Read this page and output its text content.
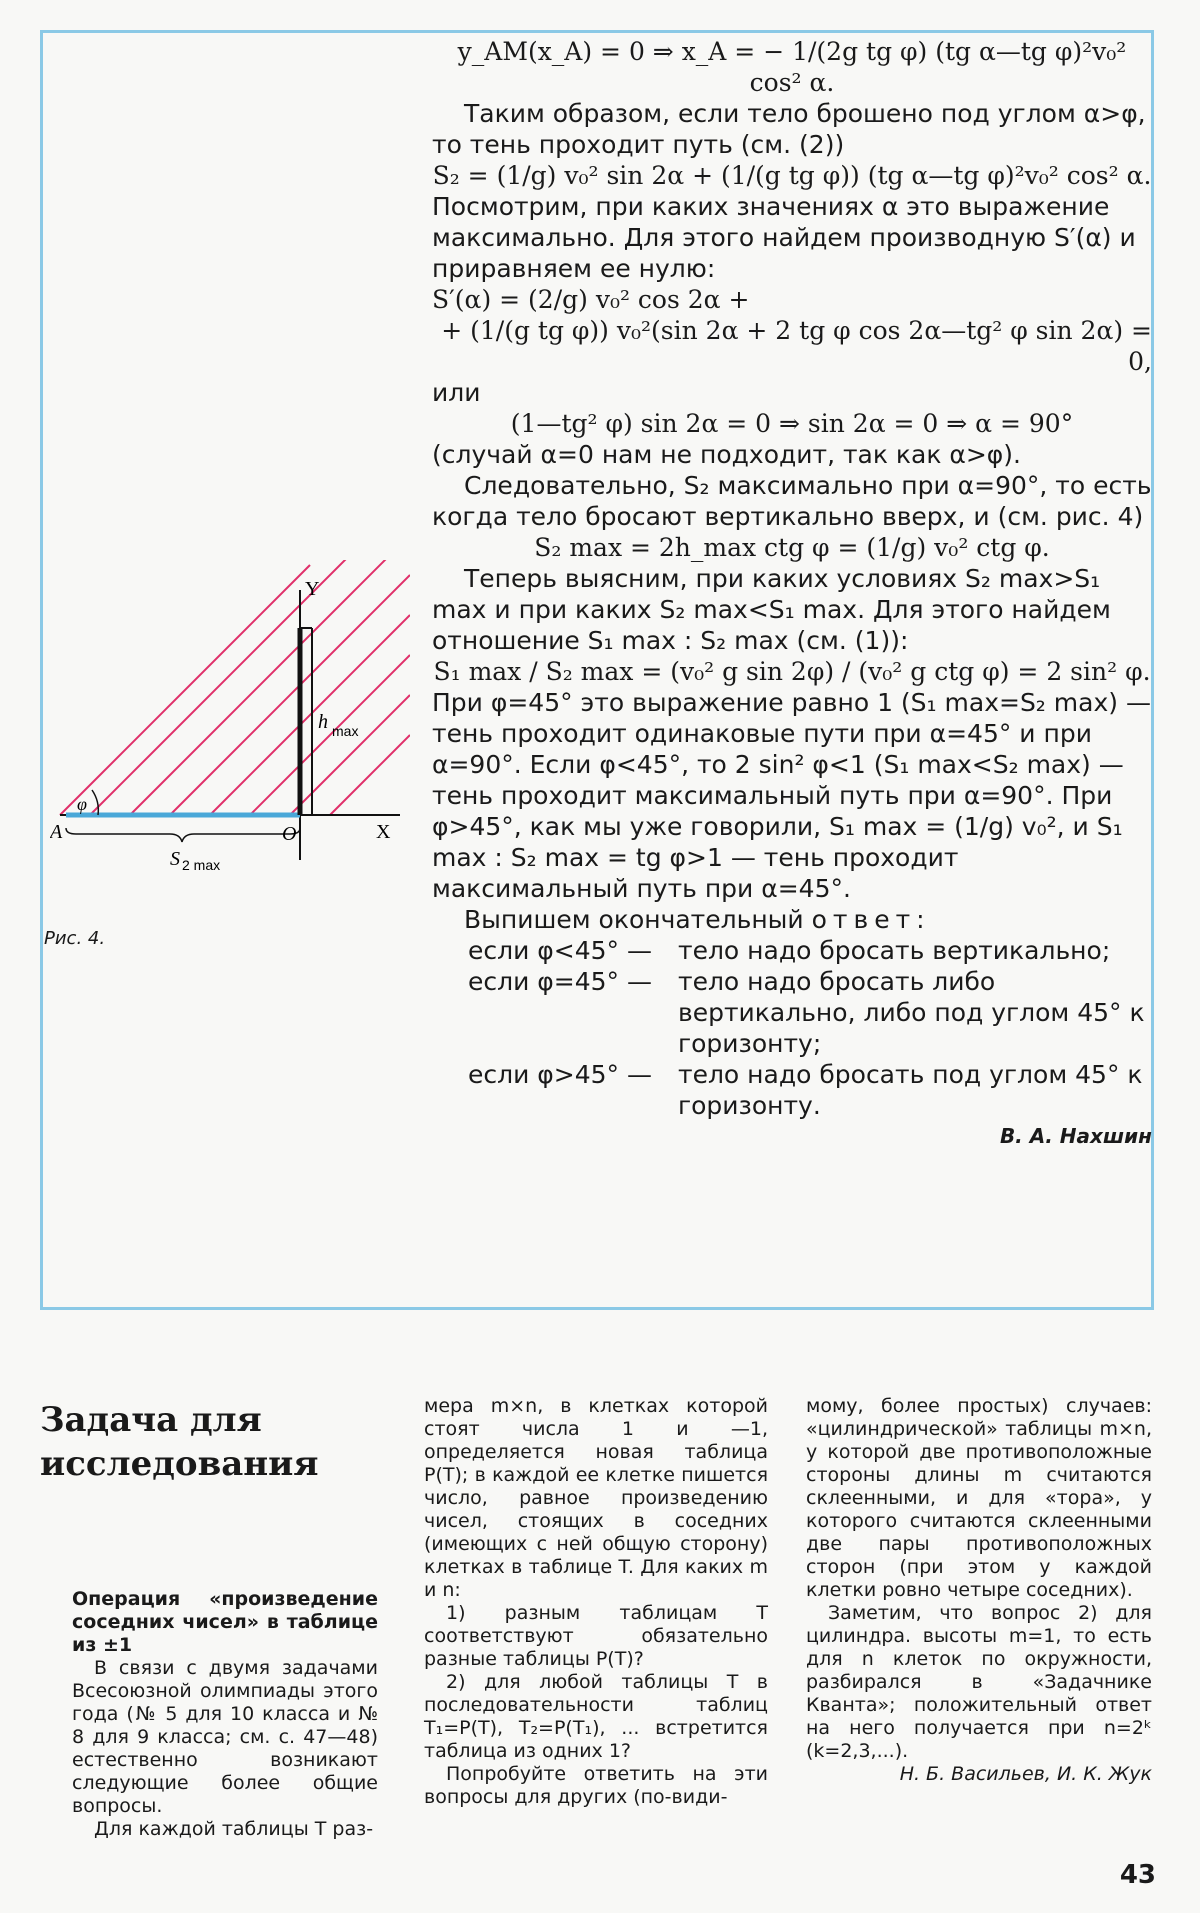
y_AM(x_A) = 0 ⇒ x_A = − 1/(2g tg φ) (tg α—tg φ)²v₀² cos² α.

Таким образом, если тело брошено под углом α>φ, то тень проходит путь (см. (2))

S₂ = (1/g) v₀² sin 2α + (1/(g tg φ)) (tg α—tg φ)²v₀² cos² α.

Посмотрим, при каких значениях α это выражение максимально. Для этого найдем производную S′(α) и приравняем ее нулю:

S′(α) = (2/g) v₀² cos 2α +

+ (1/(g tg φ)) v₀²(sin 2α + 2 tg φ cos 2α—tg² φ sin 2α) = 0,

или

(1—tg² φ) sin 2α = 0 ⇒ sin 2α = 0 ⇒ α = 90°

(случай α=0 нам не подходит, так как α>φ).

Следовательно, S₂ максимально при α=90°, то есть когда тело бросают вертикально вверх, и (см. рис. 4)

S₂ max = 2h_max ctg φ = (1/g) v₀² ctg φ.

Теперь выясним, при каких условиях S₂ max>S₁ max и при каких S₂ max<S₁ max. Для этого найдем отношение S₁ max : S₂ max (см. (1)):

S₁ max / S₂ max = (v₀² g sin 2φ) / (v₀² g ctg φ) = 2 sin² φ.

При φ=45° это выражение равно 1 (S₁ max=S₂ max) — тень проходит одинаковые пути при α=45° и при α=90°. Если φ<45°, то 2 sin² φ<1 (S₁ max<S₂ max) — тень проходит максимальный путь при α=90°. При φ>45°, как мы уже говорили, S₁ max = (1/g) v₀², и S₁ max : S₂ max = tg φ>1 — тень проходит максимальный путь при α=45°.

Выпишем окончательный ответ:

если φ<45° —	тело надо бросать вертикально;
если φ=45° —	тело надо бросать либо вертикально, либо под углом 45° к горизонту;
если φ>45° —	тело надо бросать под углом 45° к горизонту.

В. А. Нахшин

Y
X
A	O
φ
h max
S 2 max
Рис. 4.
Задача для исследования

Операция «произведение соседних чисел» в таблице из ±1

В связи с двумя задачами Всесоюзной олимпиады этого года (№ 5 для 10 класса и № 8 для 9 класса; см. с. 47—48) естественно возникают следующие более общие вопросы.

Для каждой таблицы T раз-

мера m×n, в клетках которой стоят числа 1 и —1, определяется новая таблица P(T); в каждой ее клетке пишется число, равное произведению чисел, стоящих в соседних (имеющих с ней общую сторону) клетках в таблице T. Для каких m и n:

1) разным таблицам T соответствуют обязательно разные таблицы P(T)?

2) для любой таблицы T в последовательности таблиц T₁=P(T), T₂=P(T₁), ... встретится таблица из одних 1?

Попробуйте ответить на эти вопросы для других (по-види-

мому, более простых) случаев: «цилиндрической» таблицы m×n, у которой две противоположные стороны длины m считаются склеенными, и для «тора», у которого считаются склеенными две пары противоположных сторон (при этом у каждой клетки ровно четыре соседних).

Заметим, что вопрос 2) для цилиндра. высоты m=1, то есть для n клеток по окружности, разбирался в «Задачнике Кванта»; положительный ответ на него получается при n=2ᵏ (k=2,3,...).

Н. Б. Васильев, И. К. Жук

43
